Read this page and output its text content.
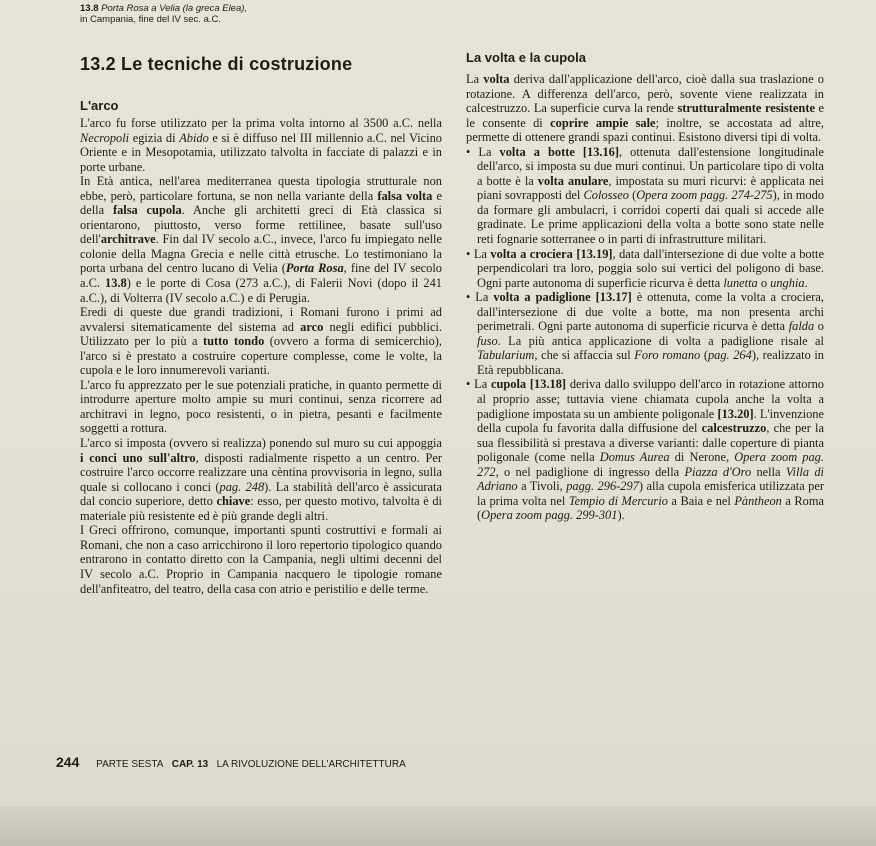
13.8 Porta Rosa a Velia (la greca Elea),
in Campania, fine del IV sec. a.C.
13.2 Le tecniche di costruzione
L'arco

L'arco fu forse utilizzato per la prima volta intorno al 3500 a.C. nella Necropoli egizia di Abido e si è diffuso nel III millennio a.C. nel Vicino Oriente e in Mesopotamia, utilizzato talvolta in facciate di palazzi e in porte urbane.

In Età antica, nell'area mediterranea questa tipologia strutturale non ebbe, però, particolare fortuna, se non nella variante della falsa volta e della falsa cupola. Anche gli architetti greci di Età classica si orientarono, piuttosto, verso forme rettilinee, basate sull'uso dell'architrave. Fin dal IV secolo a.C., invece, l'arco fu impiegato nelle colonie della Magna Grecia e nelle città etrusche. Lo testimoniano la porta urbana del centro lucano di Velia (Porta Rosa, fine del IV secolo a.C. 13.8) e le porte di Cosa (273 a.C.), di Falerii Novi (dopo il 241 a.C.), di Volterra (IV secolo a.C.) e di Perugia.

Eredi di queste due grandi tradizioni, i Romani furono i primi ad avvalersi sitematicamente del sistema ad arco negli edifici pubblici. Utilizzato per lo più a tutto tondo (ovvero a forma di semicerchio), l'arco si è prestato a costruire coperture complesse, come le volte, la cupola e le loro innumerevoli varianti.

L'arco fu apprezzato per le sue potenziali pratiche, in quanto permette di introdurre aperture molto ampie su muri continui, senza ricorrere ad architravi in legno, poco resistenti, o in pietra, pesanti e facilmente soggetti a rottura.

L'arco si imposta (ovvero si realizza) ponendo sul muro su cui appoggia i conci uno sull'altro, disposti radialmente rispetto a un centro. Per costruire l'arco occorre realizzare una cèntina provvisoria in legno, sulla quale si collocano i conci (pag. 248). La stabilità dell'arco è assicurata dal concio superiore, detto chiave: esso, per questo motivo, talvolta è di materiale più resistente ed è più grande degli altri.

I Greci offrirono, comunque, importanti spunti costruttivi e formali ai Romani, che non a caso arricchirono il loro repertorio tipologico quando entrarono in contatto diretto con la Campania, negli ultimi decenni del IV secolo a.C. Proprio in Campania nacquero le tipologie romane dell'anfiteatro, del teatro, della casa con atrio e peristilio e delle terme.

La volta e la cupola

La volta deriva dall'applicazione dell'arco, cioè dalla sua traslazione o rotazione. A differenza dell'arco, però, sovente viene realizzata in calcestruzzo. La superficie curva la rende strutturalmente resistente e le consente di coprire ampie sale; inoltre, se accostata ad altre, permette di ottenere grandi spazi continui. Esistono diversi tipi di volta.

• La volta a botte [13.16], ottenuta dall'estensione longitudinale dell'arco, si imposta su due muri continui. Un particolare tipo di volta a botte è la volta anulare, impostata su muri ricurvi: è applicata nei piani sovrapposti del Colosseo (Opera zoom pagg. 274-275), in modo da formare gli ambulacri, i corridoi coperti dai quali si accede alle gradinate. Le prime applicazioni della volta a botte sono state nelle reti fognarie sotterranee o in parti di infrastrutture militari.

• La volta a crociera [13.19], data dall'intersezione di due volte a botte perpendicolari tra loro, poggia solo sui vertici del poligono di base. Ogni parte autonoma di superficie ricurva è detta lunetta o unghia.

• La volta a padiglione [13.17] è ottenuta, come la volta a crociera, dall'intersezione di due volte a botte, ma non presenta archi perimetrali. Ogni parte autonoma di superficie ricurva è detta falda o fuso. La più antica applicazione di volta a padiglione risale al Tabularium, che si affaccia sul Foro romano (pag. 264), realizzato in Età repubblicana.

• La cupola [13.18] deriva dallo sviluppo dell'arco in rotazione attorno al proprio asse; tuttavia viene chiamata cupola anche la volta a padiglione impostata su un ambiente poligonale [13.20]. L'invenzione della cupola fu favorita dalla diffusione del calcestruzzo, che per la sua flessibilità si prestava a diverse varianti: dalle coperture di pianta poligonale (come nella Domus Aurea di Nerone, Opera zoom pag. 272, o nel padiglione di ingresso della Piazza d'Oro nella Villa di Adriano a Tivoli, pagg. 296-297) alla cupola emisferica utilizzata per la prima volta nel Tempio di Mercurio a Baia e nel Pàntheon a Roma (Opera zoom pagg. 299-301).

244 PARTE SESTA CAP. 13 LA RIVOLUZIONE DELL'ARCHITETTURA
